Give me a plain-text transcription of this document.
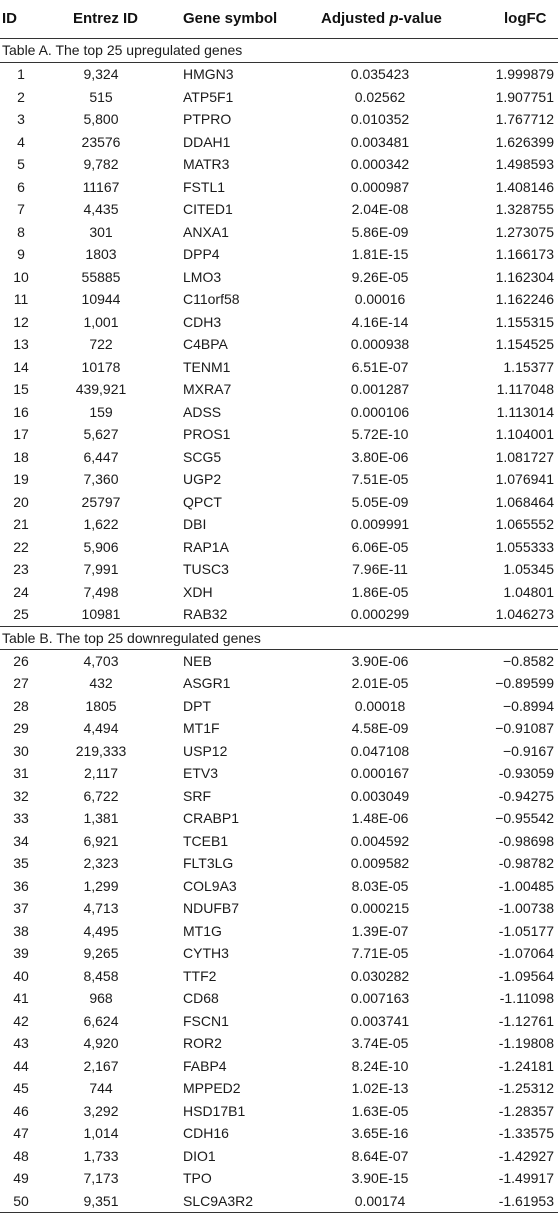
ID	Entrez ID	Gene symbol	Adjusted p-value	logFC
Table A. The top 25 upregulated genes
1	9,324	HMGN3	0.035423	1.999879
2	515	ATP5F1	0.02562	1.907751
3	5,800	PTPRO	0.010352	1.767712
4	23576	DDAH1	0.003481	1.626399
5	9,782	MATR3	0.000342	1.498593
6	11167	FSTL1	0.000987	1.408146
7	4,435	CITED1	2.04E-08	1.328755
8	301	ANXA1	5.86E-09	1.273075
9	1803	DPP4	1.81E-15	1.166173
10	55885	LMO3	9.26E-05	1.162304
11	10944	C11orf58	0.00016	1.162246
12	1,001	CDH3	4.16E-14	1.155315
13	722	C4BPA	0.000938	1.154525
14	10178	TENM1	6.51E-07	1.15377
15	439,921	MXRA7	0.001287	1.117048
16	159	ADSS	0.000106	1.113014
17	5,627	PROS1	5.72E-10	1.104001
18	6,447	SCG5	3.80E-06	1.081727
19	7,360	UGP2	7.51E-05	1.076941
20	25797	QPCT	5.05E-09	1.068464
21	1,622	DBI	0.009991	1.065552
22	5,906	RAP1A	6.06E-05	1.055333
23	7,991	TUSC3	7.96E-11	1.05345
24	7,498	XDH	1.86E-05	1.04801
25	10981	RAB32	0.000299	1.046273
Table B. The top 25 downregulated genes
26	4,703	NEB	3.90E-06	−0.8582
27	432	ASGR1	2.01E-05	−0.89599
28	1805	DPT	0.00018	−0.8994
29	4,494	MT1F	4.58E-09	−0.91087
30	219,333	USP12	0.047108	−0.9167
31	2,117	ETV3	0.000167	-0.93059
32	6,722	SRF	0.003049	-0.94275
33	1,381	CRABP1	1.48E-06	−0.95542
34	6,921	TCEB1	0.004592	-0.98698
35	2,323	FLT3LG	0.009582	-0.98782
36	1,299	COL9A3	8.03E-05	-1.00485
37	4,713	NDUFB7	0.000215	-1.00738
38	4,495	MT1G	1.39E-07	-1.05177
39	9,265	CYTH3	7.71E-05	-1.07064
40	8,458	TTF2	0.030282	-1.09564
41	968	CD68	0.007163	-1.11098
42	6,624	FSCN1	0.003741	-1.12761
43	4,920	ROR2	3.74E-05	-1.19808
44	2,167	FABP4	8.24E-10	-1.24181
45	744	MPPED2	1.02E-13	-1.25312
46	3,292	HSD17B1	1.63E-05	-1.28357
47	1,014	CDH16	3.65E-16	-1.33575
48	1,733	DIO1	8.64E-07	-1.42927
49	7,173	TPO	3.90E-15	-1.49917
50	9,351	SLC9A3R2	0.00174	-1.61953
